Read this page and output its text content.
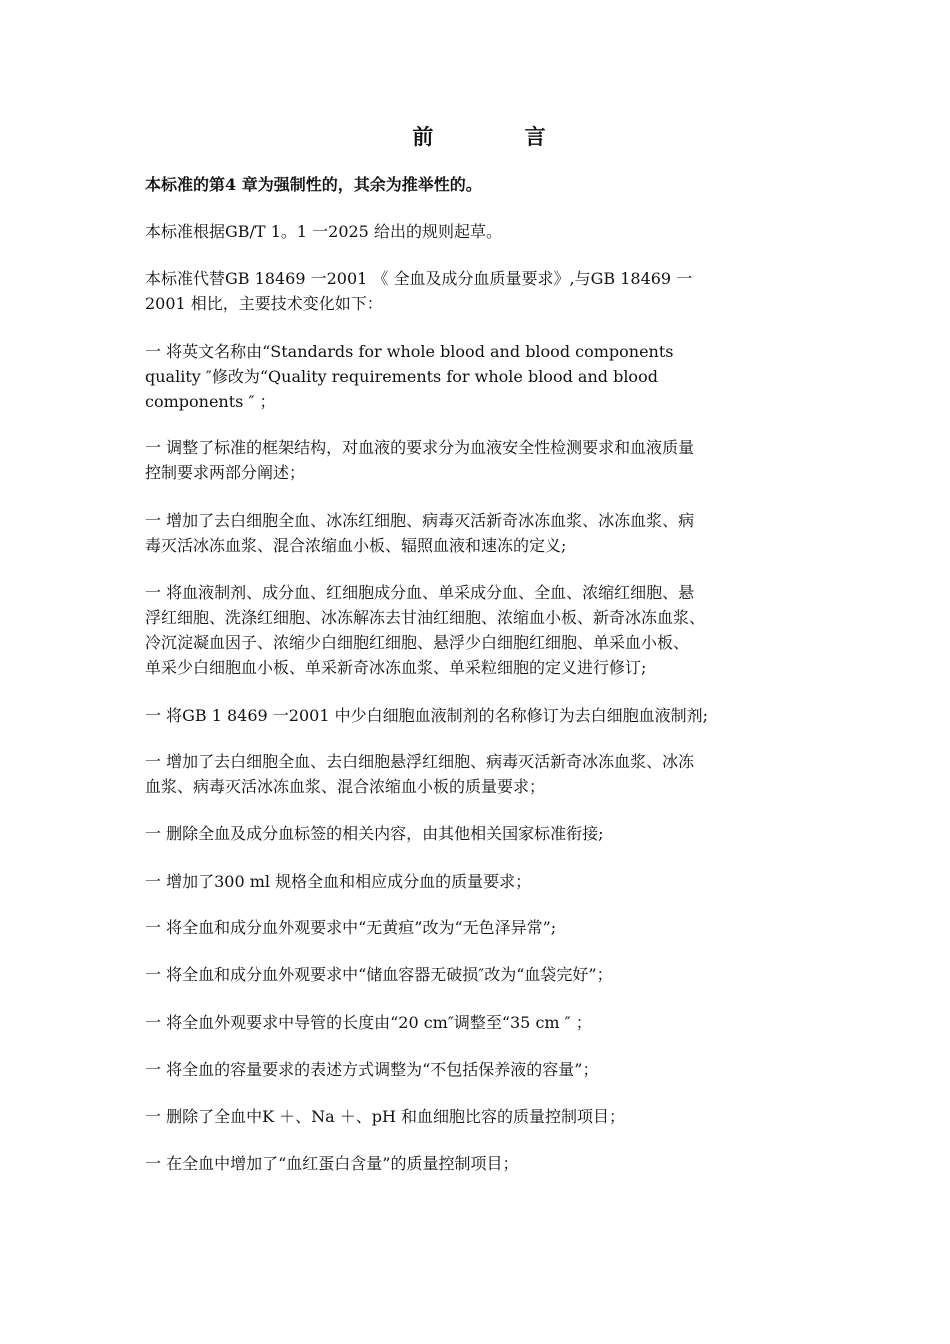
前 言
本标准的第4 章为强制性的，其余为推举性的。
本标准根据GB/T 1。1 一2025 给出的规则起草。
本标准代替GB 18469 一2001 《 全血及成分血质量要求》,与GB 18469 一
2001 相比，主要技术变化如下：
一 将英文名称由“Standards for whole blood and blood components
quality ″修改为“Quality requirements for whole blood and blood
components ″ ；
一 调整了标准的框架结构，对血液的要求分为血液安全性检测要求和血液质量
控制要求两部分阐述；
一 增加了去白细胞全血、冰冻红细胞、病毒灭活新奇冰冻血浆、冰冻血浆、病
毒灭活冰冻血浆、混合浓缩血小板、辐照血液和速冻的定义;
一 将血液制剂、成分血、红细胞成分血、单采成分血、全血、浓缩红细胞、悬
浮红细胞、洗涤红细胞、冰冻解冻去甘油红细胞、浓缩血小板、新奇冰冻血浆、
冷沉淀凝血因子、浓缩少白细胞红细胞、悬浮少白细胞红细胞、单采血小板、
单采少白细胞血小板、单采新奇冰冻血浆、单采粒细胞的定义进行修订;
一 将GB 1 8469 一2001 中少白细胞血液制剂的名称修订为去白细胞血液制剂;
一 增加了去白细胞全血、去白细胞悬浮红细胞、病毒灭活新奇冰冻血浆、冰冻
血浆、病毒灭活冰冻血浆、混合浓缩血小板的质量要求；
一 删除全血及成分血标签的相关内容，由其他相关国家标准衔接;
一 增加了300 ml 规格全血和相应成分血的质量要求；
一 将全血和成分血外观要求中“无黄疸”改为“无色泽异常”;
一 将全血和成分血外观要求中“储血容器无破损″改为“血袋完好”；
一 将全血外观要求中导管的长度由“20 cm″调整至“35 cm ″ ；
一 将全血的容量要求的表述方式调整为“不包括保养液的容量”；
一 删除了全血中K ＋、Na ＋、pH 和血细胞比容的质量控制项目；
一 在全血中增加了“血红蛋白含量”的质量控制项目；
